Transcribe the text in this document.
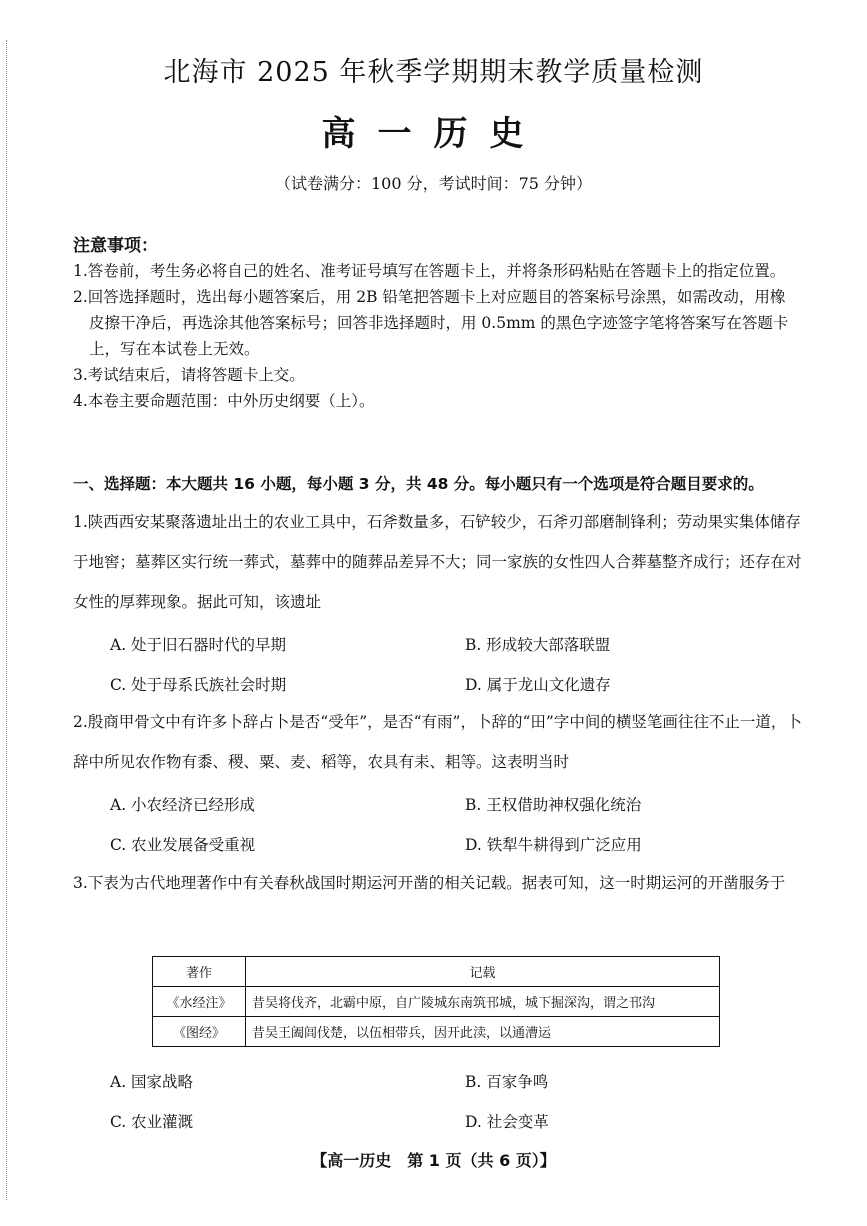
北海市 2025 年秋季学期期末教学质量检测
高一历史
（试卷满分：100 分，考试时间：75 分钟）
注意事项：

1.答卷前，考生务必将自己的姓名、准考证号填写在答题卡上，并将条形码粘贴在答题卡上的指定位置。

2.回答选择题时，选出每小题答案后，用 2B 铅笔把答题卡上对应题目的答案标号涂黑，如需改动，用橡皮擦干净后，再选涂其他答案标号；回答非选择题时，用 0.5mm 的黑色字迹签字笔将答案写在答题卡上，写在本试卷上无效。

3.考试结束后，请将答题卡上交。

4.本卷主要命题范围：中外历史纲要（上）。

一、选择题：本大题共 16 小题，每小题 3 分，共 48 分。每小题只有一个选项是符合题目要求的。

1.陕西西安某聚落遗址出土的农业工具中，石斧数量多，石铲较少，石斧刃部磨制锋利；劳动果实集体储存于地窖；墓葬区实行统一葬式，墓葬中的随葬品差异不大；同一家族的女性四人合葬墓整齐成行；还存在对女性的厚葬现象。据此可知，该遗址

A. 处于旧石器时代的早期	B. 形成较大部落联盟
C. 处于母系氏族社会时期	D. 属于龙山文化遗存

2.殷商甲骨文中有许多卜辞占卜是否“受年”，是否“有雨”，卜辞的“田”字中间的横竖笔画往往不止一道，卜辞中所见农作物有黍、稷、粟、麦、稻等，农具有耒、耜等。这表明当时

A. 小农经济已经形成	B. 王权借助神权强化统治
C. 农业发展备受重视	D. 铁犁牛耕得到广泛应用

3.下表为古代地理著作中有关春秋战国时期运河开凿的相关记载。据表可知，这一时期运河的开凿服务于

著作	记载
《水经注》	昔吴将伐齐，北霸中原，自广陵城东南筑邗城，城下掘深沟，谓之邗沟
《图经》	昔吴王阖闾伐楚，以伍相带兵，因开此渎，以通漕运
A. 国家战略	B. 百家争鸣
C. 农业灌溉	D. 社会变革
【高一历史　第 1 页（共 6 页）】
